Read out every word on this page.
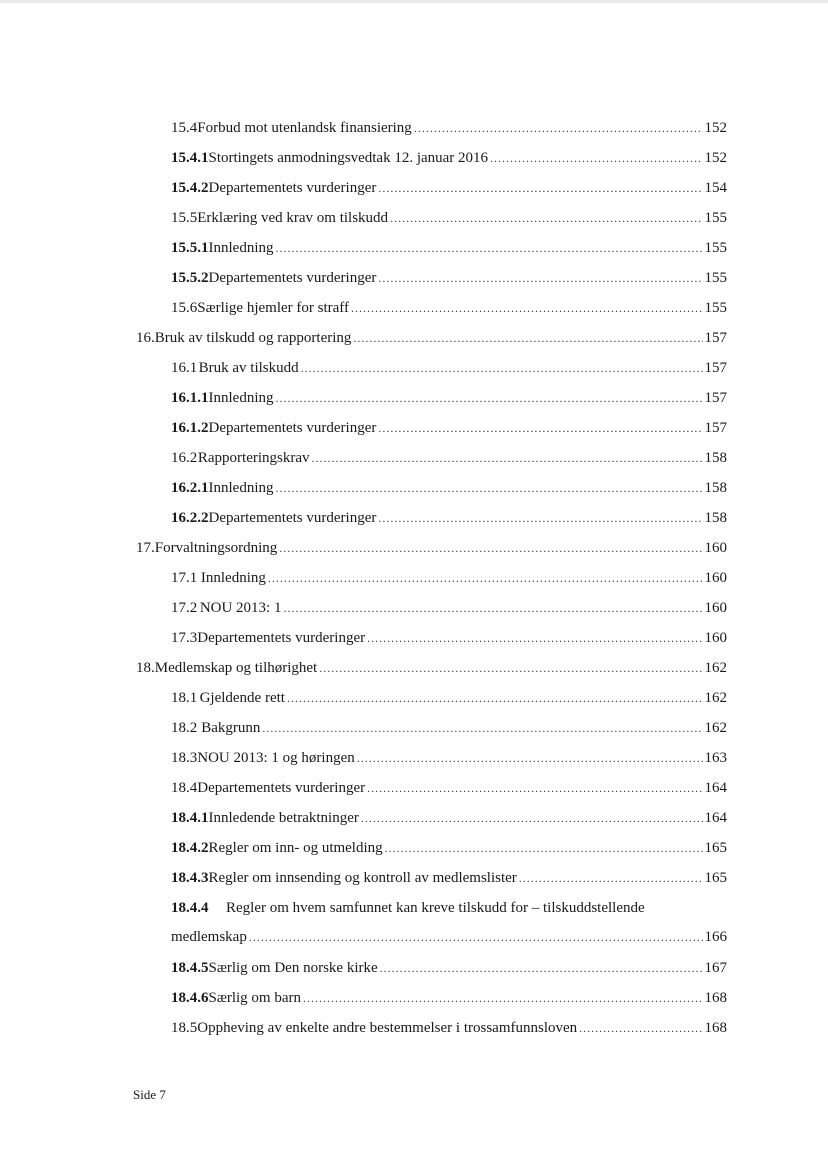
15.4 Forbud mot utenlandsk finansiering .....	152
15.4.1 Stortingets anmodningsvedtak 12. januar 2016 .....	152
15.4.2 Departementets vurderinger .....	154
15.5 Erklæring ved krav om tilskudd .....	155
15.5.1 Innledning .....	155
15.5.2 Departementets vurderinger .....	155
15.6 Særlige hjemler for straff .....	155
16. Bruk av tilskudd og rapportering .....	157
16.1 Bruk av tilskudd .....	157
16.1.1 Innledning .....	157
16.1.2 Departementets vurderinger .....	157
16.2 Rapporteringskrav .....	158
16.2.1 Innledning .....	158
16.2.2 Departementets vurderinger .....	158
17. Forvaltningsordning .....	160
17.1 Innledning .....	160
17.2 NOU 2013: 1 .....	160
17.3 Departementets vurderinger .....	160
18. Medlemskap og tilhørighet .....	162
18.1 Gjeldende rett .....	162
18.2 Bakgrunn .....	162
18.3 NOU 2013: 1 og høringen .....	163
18.4 Departementets vurderinger .....	164
18.4.1 Innledende betraktninger .....	164
18.4.2 Regler om inn- og utmelding .....	165
18.4.3 Regler om innsending og kontroll av medlemslister .....	165
18.4.4	Regler om hvem samfunnet kan kreve tilskudd for – tilskuddstellende
medlemskap .....	166
18.4.5 Særlig om Den norske kirke .....	167
18.4.6 Særlig om barn .....	168
18.5 Oppheving av enkelte andre bestemmelser i trossamfunnsloven .....	168
Side 7
